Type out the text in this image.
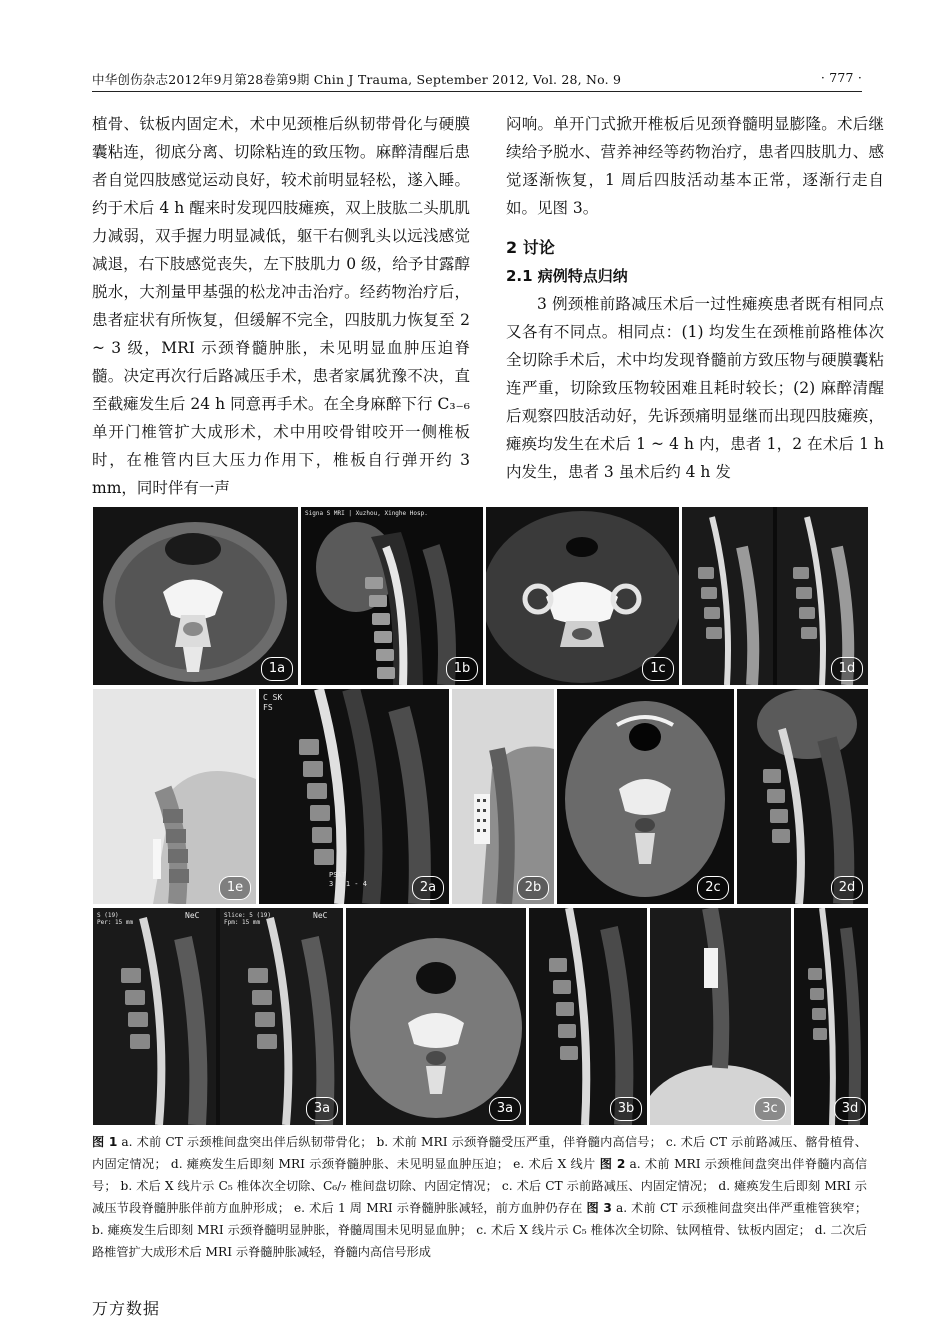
中华创伤杂志2012年9月第28卷第9期 Chin J Trauma, September 2012, Vol. 28, No. 9	· 777 ·

植骨、钛板内固定术，术中见颈椎后纵韧带骨化与硬膜囊粘连，彻底分离、切除粘连的致压物。麻醉清醒后患者自觉四肢感觉运动良好，较术前明显轻松，遂入睡。约于术后 4 h 醒来时发现四肢瘫痪，双上肢肱二头肌肌力减弱，双手握力明显减低，躯干右侧乳头以远浅感觉减退，右下肢感觉丧失，左下肢肌力 0 级，给予甘露醇脱水，大剂量甲基强的松龙冲击治疗。经药物治疗后，患者症状有所恢复，但缓解不完全，四肢肌力恢复至 2 ~ 3 级，MRI 示颈脊髓肿胀，未见明显血肿压迫脊髓。决定再次行后路减压手术，患者家属犹豫不决，直至截瘫发生后 24 h 同意再手术。在全身麻醉下行 C₃₋₆ 单开门椎管扩大成形术，术中用咬骨钳咬开一侧椎板时，在椎管内巨大压力作用下，椎板自行弹开约 3 mm，同时伴有一声

闷响。单开门式掀开椎板后见颈脊髓明显膨隆。术后继续给予脱水、营养神经等药物治疗，患者四肢肌力、感觉逐渐恢复，1 周后四肢活动基本正常，逐渐行走自如。见图 3。

2 讨论

2.1 病例特点归纳

3 例颈椎前路减压术后一过性瘫痪患者既有相同点又各有不同点。相同点：(1) 均发生在颈椎前路椎体次全切除手术后，术中均发现脊髓前方致压物与硬膜囊粘连严重，切除致压物较困难且耗时较长；(2) 麻醉清醒后观察四肢活动好，先诉颈痛明显继而出现四肢瘫痪，瘫痪均发生在术后 1 ~ 4 h 内，患者 1，2 在术后 1 h 内发生，患者 3 虽术后约 4 h 发

1a
Signa S MRI | Xuzhou, Xinghe Hosp.
1b	1c	1d
1e
C SK
FS
PSAT
3 - 1 - 4	2a	2b	2c	2d
S (19)
Per: 15 mm
NeC	Slice: 5 (19)
Fpm: 15 mm
NeC
3a	3a	3b	3c	3d
图 1 a. 术前 CT 示颈椎间盘突出伴后纵韧带骨化； b. 术前 MRI 示颈脊髓受压严重，伴脊髓内高信号； c. 术后 CT 示前路减压、髂骨植骨、内固定情况； d. 瘫痪发生后即刻 MRI 示颈脊髓肿胀、未见明显血肿压迫； e. 术后 X 线片 图 2 a. 术前 MRI 示颈椎间盘突出伴脊髓内高信号； b. 术后 X 线片示 C₅ 椎体次全切除、C₆/₇ 椎间盘切除、内固定情况； c. 术后 CT 示前路减压、内固定情况； d. 瘫痪发生后即刻 MRI 示减压节段脊髓肿胀伴前方血肿形成； e. 术后 1 周 MRI 示脊髓肿胀减轻，前方血肿仍存在 图 3 a. 术前 CT 示颈椎间盘突出伴严重椎管狭窄； b. 瘫痪发生后即刻 MRI 示颈脊髓明显肿胀，脊髓周围未见明显血肿； c. 术后 X 线片示 C₅ 椎体次全切除、钛网植骨、钛板内固定； d. 二次后路椎管扩大成形术后 MRI 示脊髓肿胀减轻，脊髓内高信号形成
万方数据
